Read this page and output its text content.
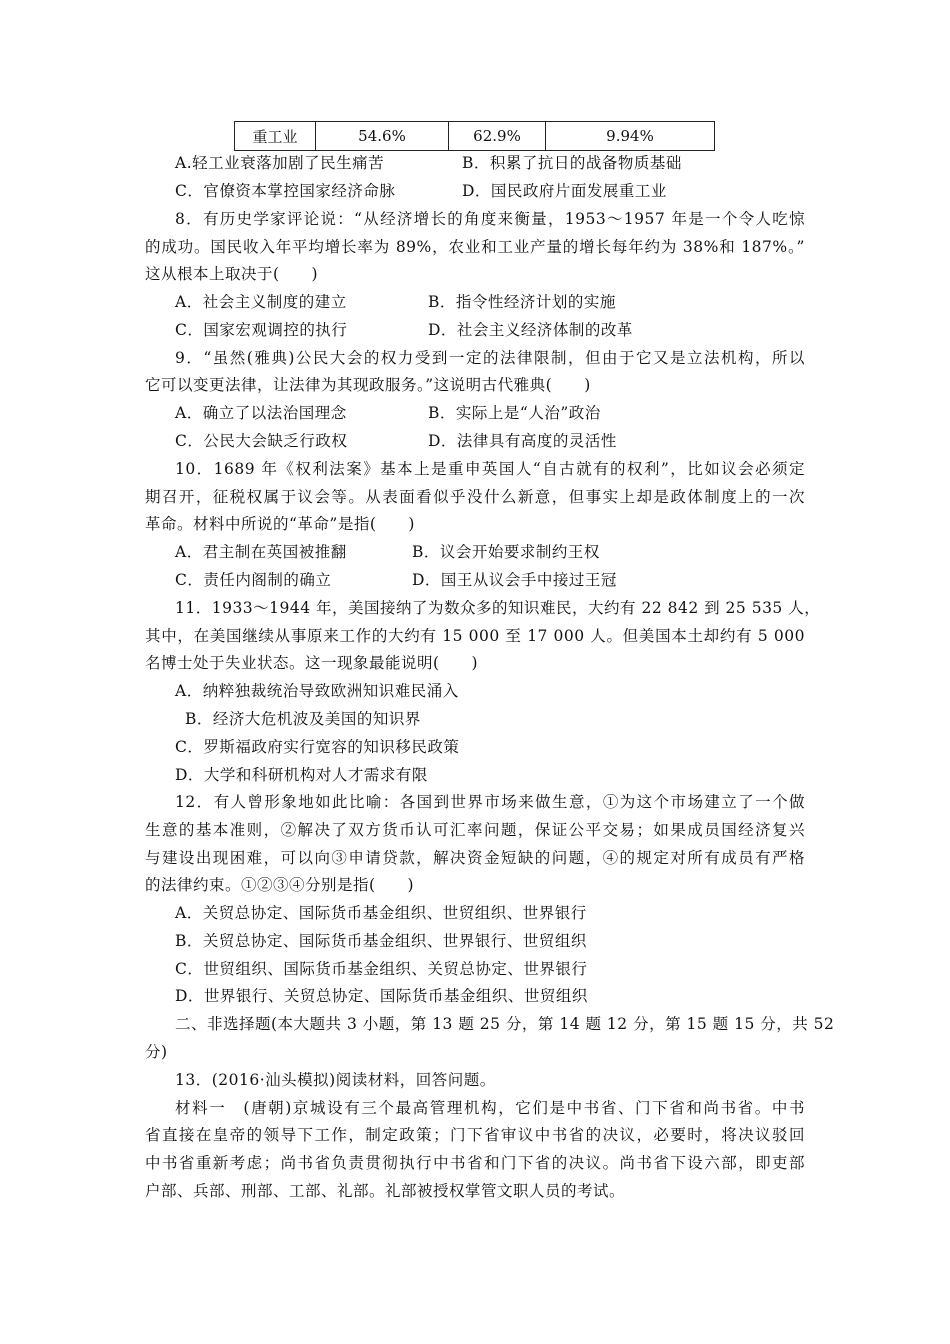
重工业	54.6%	62.9%	9.94%
A.轻工业衰落加剧了民生痛苦	B．积累了抗日的战备物质基础
C．官僚资本掌控国家经济命脉	D．国民政府片面发展重工业
8．有历史学家评论说：“从经济增长的角度来衡量，1953～1957 年是一个令人吃惊
的成功。国民收入年平均增长率为 89%，农业和工业产量的增长每年约为 38%和 187%。”
这从根本上取决于(　　)
A．社会主义制度的建立	B．指令性经济计划的实施
C．国家宏观调控的执行	D．社会主义经济体制的改革
9．“虽然(雅典)公民大会的权力受到一定的法律限制，但由于它又是立法机构，所以
它可以变更法律，让法律为其现政服务。”这说明古代雅典(　　)
A．确立了以法治国理念	B．实际上是“人治”政治
C．公民大会缺乏行政权	D．法律具有高度的灵活性
10．1689 年《权利法案》基本上是重申英国人“自古就有的权利”，比如议会必须定
期召开，征税权属于议会等。从表面看似乎没什么新意，但事实上却是政体制度上的一次
革命。材料中所说的“革命”是指(　　)
A．君主制在英国被推翻	B．议会开始要求制约王权
C．责任内阁制的确立	D．国王从议会手中接过王冠
11．1933～1944 年，美国接纳了为数众多的知识难民，大约有 22 842 到 25 535 人，
其中，在美国继续从事原来工作的大约有 15 000 至 17 000 人。但美国本土却约有 5 000
名博士处于失业状态。这一现象最能说明(　　)
A．纳粹独裁统治导致欧洲知识难民涌入
B．经济大危机波及美国的知识界
C．罗斯福政府实行宽容的知识移民政策
D．大学和科研机构对人才需求有限
12．有人曾形象地如此比喻：各国到世界市场来做生意，①为这个市场建立了一个做
生意的基本准则，②解决了双方货币认可汇率问题，保证公平交易；如果成员国经济复兴
与建设出现困难，可以向③申请贷款，解决资金短缺的问题，④的规定对所有成员有严格
的法律约束。①②③④分别是指(　　)
A．关贸总协定、国际货币基金组织、世贸组织、世界银行
B．关贸总协定、国际货币基金组织、世界银行、世贸组织
C．世贸组织、国际货币基金组织、关贸总协定、世界银行
D．世界银行、关贸总协定、国际货币基金组织、世贸组织
二、非选择题(本大题共 3 小题，第 13 题 25 分，第 14 题 12 分，第 15 题 15 分，共 52
分)
13．(2016·汕头模拟)阅读材料，回答问题。
材料一　(唐朝)京城设有三个最高管理机构，它们是中书省、门下省和尚书省。中书
省直接在皇帝的领导下工作，制定政策；门下省审议中书省的决议，必要时，将决议驳回
中书省重新考虑；尚书省负责贯彻执行中书省和门下省的决议。尚书省下设六部，即吏部
户部、兵部、刑部、工部、礼部。礼部被授权掌管文职人员的考试。
